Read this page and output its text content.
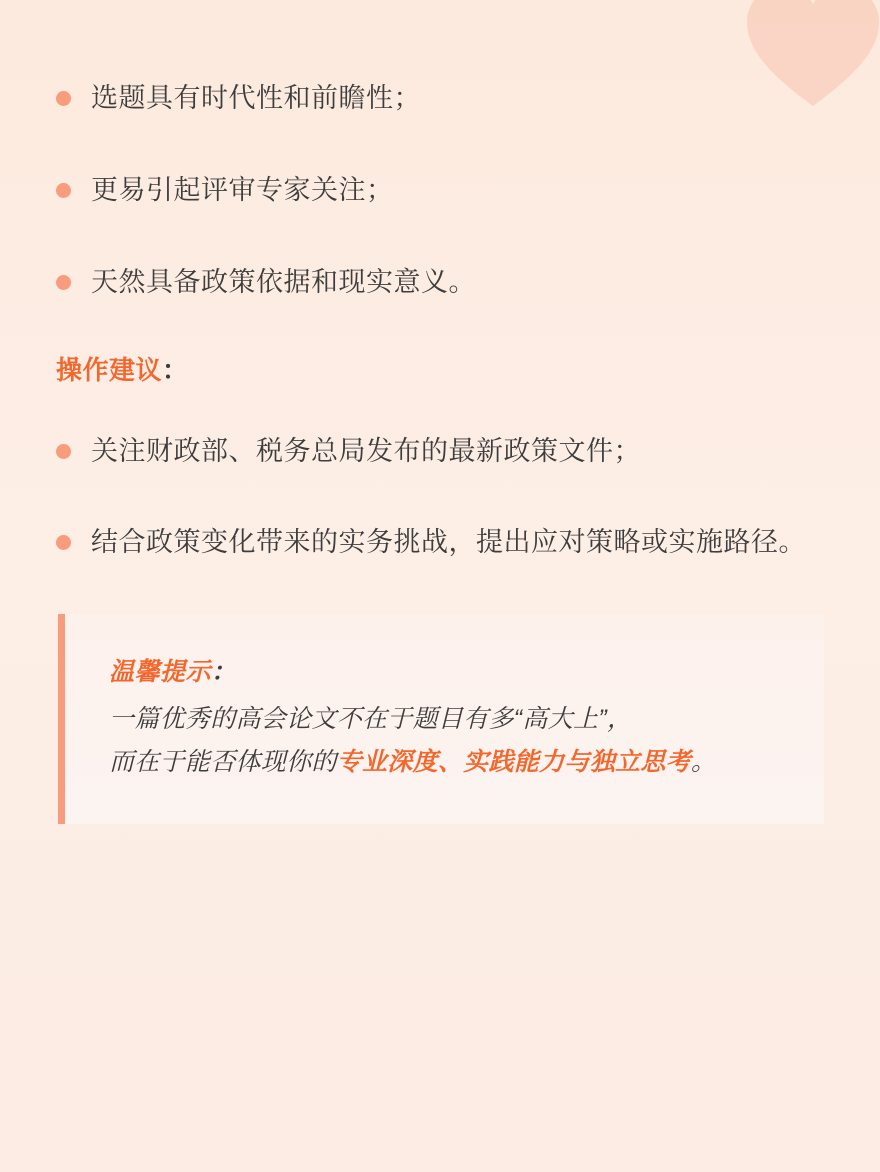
选题具有时代性和前瞻性；
更易引起评审专家关注；
天然具备政策依据和现实意义。
操作建议：
关注财政部、税务总局发布的最新政策文件；
结合政策变化带来的实务挑战，提出应对策略或实施路径。
温馨提示：
一篇优秀的高会论文不在于题目有多“高大上”，
而在于能否体现你的专业深度、实践能力与独立思考。
